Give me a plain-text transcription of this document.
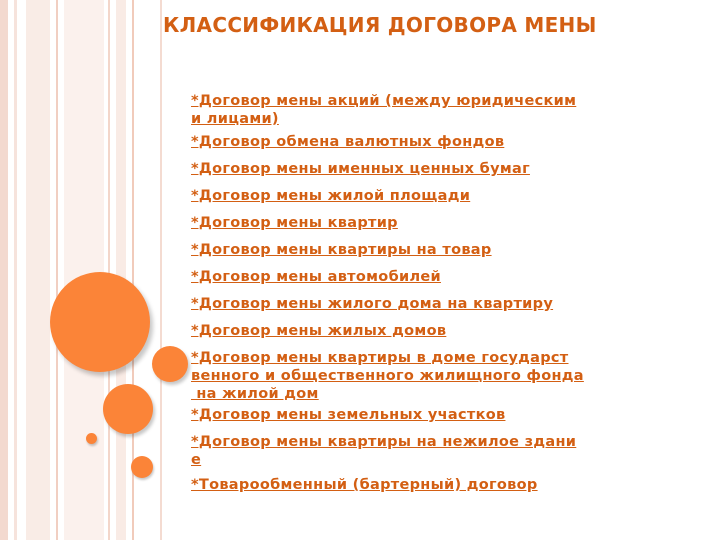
КЛАССИФИКАЦИЯ ДОГОВОРА МЕНЫ
*Договор мены акций (между юридическим
и лицами)
*Договор обмена валютных фондов
*Договор мены именных ценных бумаг
*Договор мены жилой площади
*Договор мены квартир
*Договор мены квартиры на товар
*Договор мены автомобилей
*Договор мены жилого дома на квартиру
*Договор мены жилых домов
*Договор мены квартиры в доме государст
венного и общественного жилищного фонда
на жилой дом
*Договор мены земельных участков
*Договор мены квартиры на нежилое здани
е
*Товарообменный (бартерный) договор
